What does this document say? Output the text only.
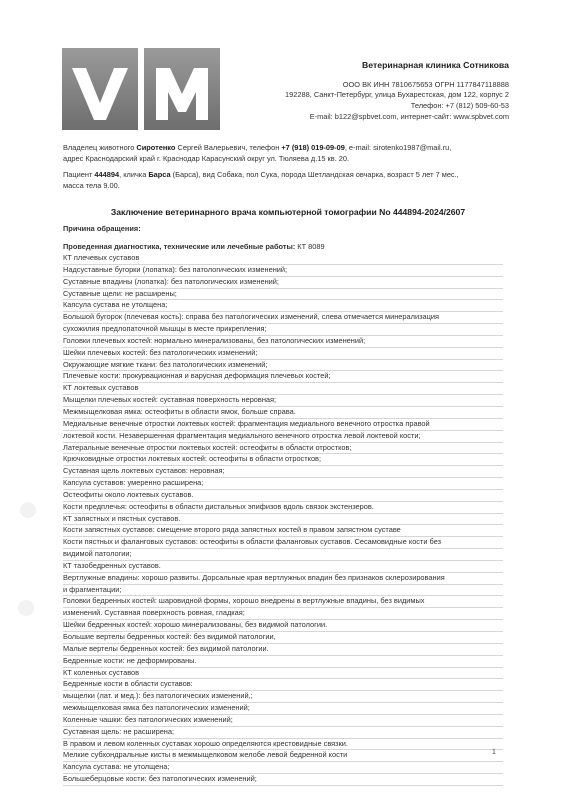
Ветеринарная клиника Сотникова
ООО ВК ИНН 7810675653 ОГРН 1177847118888
192288, Санкт-Петербург, улица Бухарестская, дом 122, корпус 2
Телефон: +7 (812) 509-60-53
E-mail: b122@spbvet.com, интернет-сайт: www.spbvet.com
Владелец животного Сиротенко Сергей Валерьевич, телефон +7 (918) 019-09-09, e-mail: sirotenko1987@mail.ru,
адрес Краснодарский край г. Краснодар Карасунский округ ул. Тюляева д.15 кв. 20.
Пациент 444894, кличка Барса (Барса), вид Собака, пол Сука, порода Шетландская овчарка, возраст 5 лет 7 мес.,
масса тела 9.00.
Заключение ветеринарного врача компьютерной томографии No 444894-2024/2607
Причина обращения:
Проведенная диагностика, технические или лечебные работы: КТ 8089
КТ плечевых суставов
Надсуставные бугорки (лопатка): без патологических изменений;
Суставные впадины (лопатка): без патологических изменений;
Суставные щели: не расширены;
Капсула сустава не утолщена;
Большой бугорок (плечевая кость): справа без патологических изменений, слева отмечается минерализация
сухожилия предлопаточной мышцы в месте прикрепления;
Головки плечевых костей: нормально минерализованы, без патологических изменений;
Шейки плечевых костей: без патологических изменений;
Окружающие мягкие ткани: без патологических изменений;
Плечевые кости: прокурвационная и варусная деформация плечевых костей;
КТ локтевых суставов
Мыщелки плечевых костей: суставная поверхность неровная;
Межмыщелковая ямка: остеофиты в области ямок, больше справа.
Медиальные венечные отростки локтевых костей: фрагментация медиального венечного отростка правой
локтевой кости. Незавершенная фрагментация медиального венечного отростка левой локтевой кости;
Латеральные венечные отростки локтевых костей: остеофиты в области отростков;
Крючковидные отростки локтевых костей: остеофиты в области отростков;
Суставная щель локтевых суставов: неровная;
Капсула суставов: умеренно расширена;
Остеофиты около локтевых суставов.
Кости предплечья: остеофиты в области дистальных эпифизов вдоль связок экстензеров.
КТ запястных и пястных суставов.
Кости запястных суставов: смещение второго ряда запястных костей в правом запястном суставе
Кости пястных и фаланговых суставов: остеофиты в области фаланговых суставов. Сесамовидные кости без
видимой патологии;
КТ тазобедренных суставов.
Вертлужные впадины: хорошо развиты. Дорсальные края вертлужных впадин без признаков склерозирования
и фрагментации;
Головки бедренных костей: шаровидной формы, хорошо внедрены в вертлужные впадины, без видимых
изменений. Суставная поверхность ровная, гладкая;
Шейки бедренных костей: хорошо минерализованы, без видимой патологии.
Большие вертелы бедренных костей: без видимой патологии,
Малые вертелы бедренных костей: без видимой патологии.
Бедренные кости: не деформированы.
КТ коленных суставов
Бедренные кости в области суставов:
мыщелки (лат. и мед.): без патологических изменений,;
межмыщелковая ямка без патологических изменений;
Коленные чашки: без патологических изменений;
Суставная щель: не расширена;
В правом и левом коленных суставах хорошо определяются крестовидные связки.
Мелкие субхондральные кисты в межмыщелковом желобе левой бедренной кости
Капсула сустава: не утолщена;
Большеберцовые кости: без патологических изменений;
1
